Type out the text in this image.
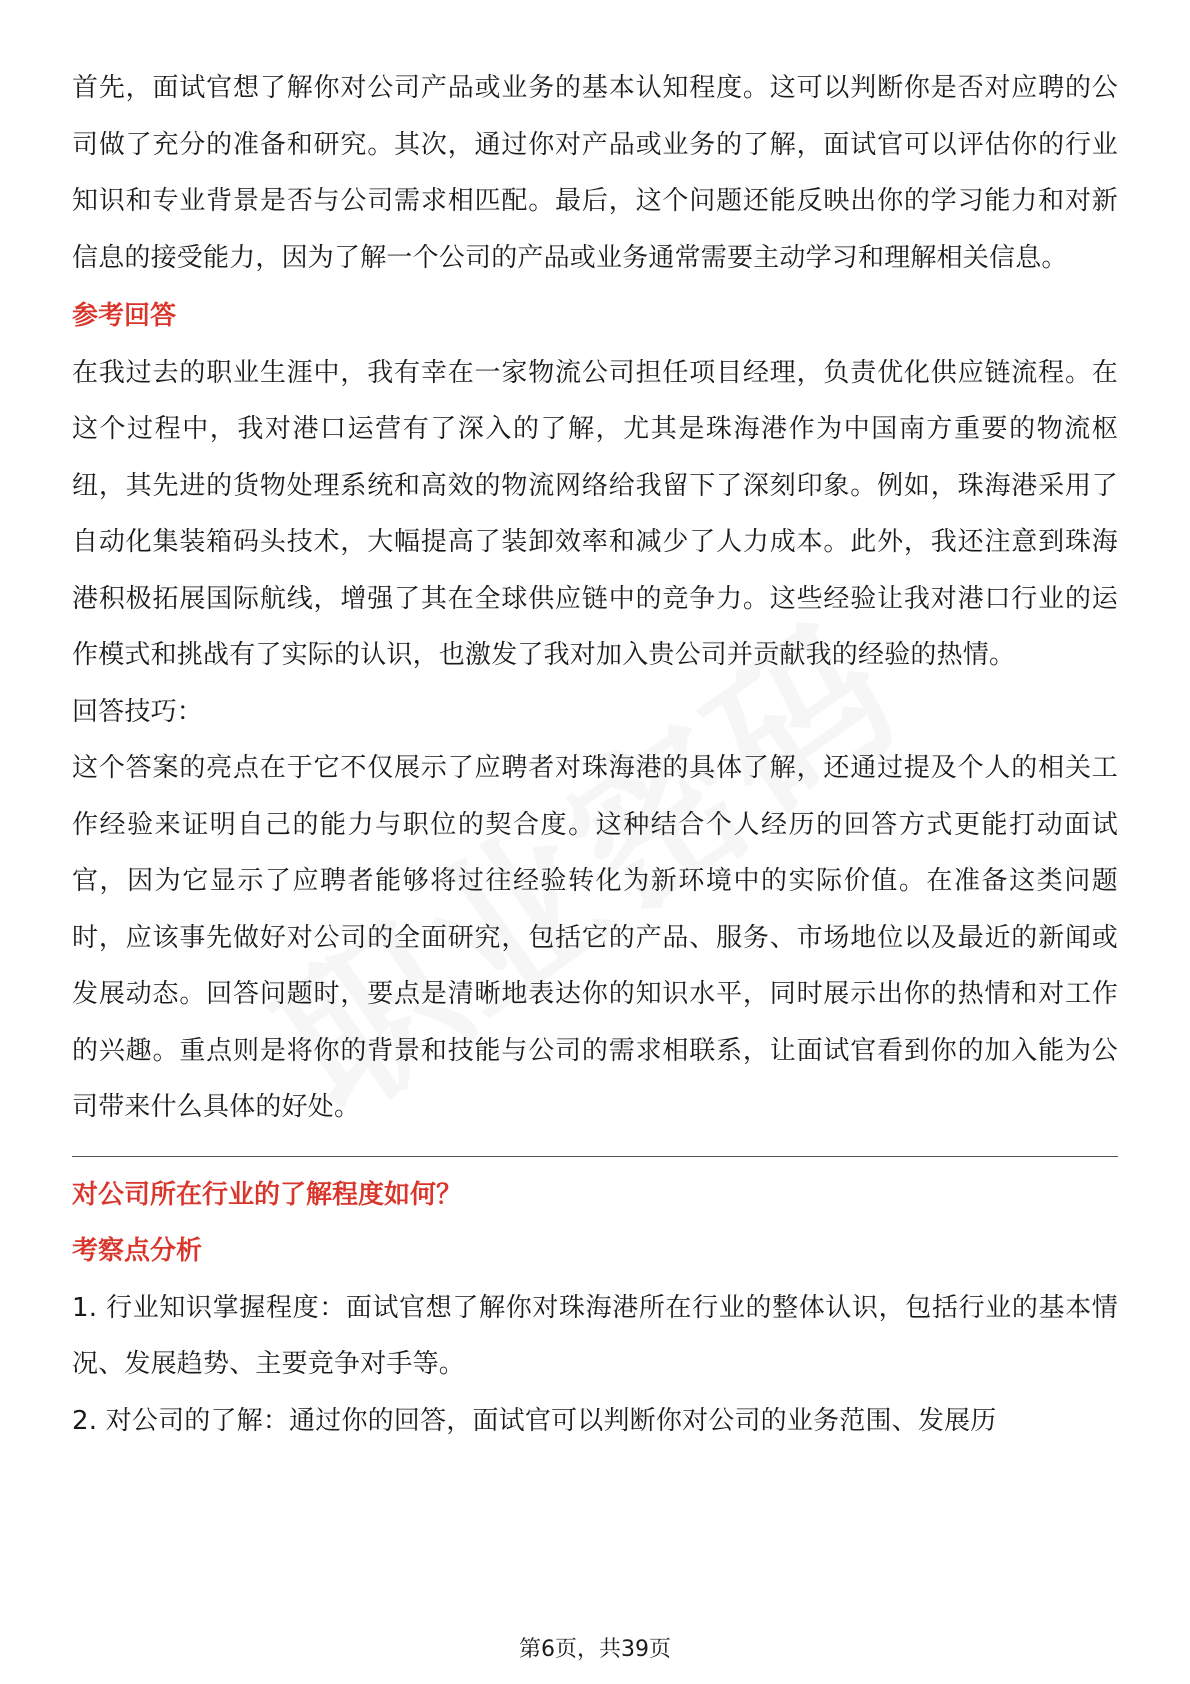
首先，面试官想了解你对公司产品或业务的基本认知程度。这可以判断你是否对应聘的公司做了充分的准备和研究。其次，通过你对产品或业务的了解，面试官可以评估你的行业知识和专业背景是否与公司需求相匹配。最后，这个问题还能反映出你的学习能力和对新信息的接受能力，因为了解一个公司的产品或业务通常需要主动学习和理解相关信息。

参考回答

在我过去的职业生涯中，我有幸在一家物流公司担任项目经理，负责优化供应链流程。在这个过程中，我对港口运营有了深入的了解，尤其是珠海港作为中国南方重要的物流枢纽，其先进的货物处理系统和高效的物流网络给我留下了深刻印象。例如，珠海港采用了自动化集装箱码头技术，大幅提高了装卸效率和减少了人力成本。此外，我还注意到珠海港积极拓展国际航线，增强了其在全球供应链中的竞争力。这些经验让我对港口行业的运作模式和挑战有了实际的认识，也激发了我对加入贵公司并贡献我的经验的热情。

回答技巧：

这个答案的亮点在于它不仅展示了应聘者对珠海港的具体了解，还通过提及个人的相关工作经验来证明自己的能力与职位的契合度。这种结合个人经历的回答方式更能打动面试官，因为它显示了应聘者能够将过往经验转化为新环境中的实际价值。在准备这类问题时，应该事先做好对公司的全面研究，包括它的产品、服务、市场地位以及最近的新闻或发展动态。回答问题时，要点是清晰地表达你的知识水平，同时展示出你的热情和对工作的兴趣。重点则是将你的背景和技能与公司的需求相联系，让面试官看到你的加入能为公司带来什么具体的好处。

对公司所在行业的了解程度如何？

考察点分析

1. 行业知识掌握程度：面试官想了解你对珠海港所在行业的整体认识，包括行业的基本情况、发展趋势、主要竞争对手等。

2. 对公司的了解：通过你的回答，面试官可以判断你对公司的业务范围、发展历

第6页，共39页
